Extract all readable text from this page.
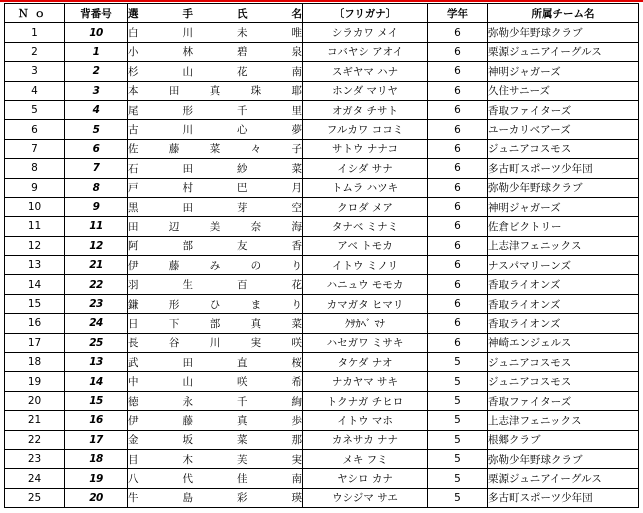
Ｎｏ	背番号	選 手 氏 名	〔フリガナ〕	学年	所属チーム名
1	10	白 川 未 唯	シラカワ メイ	6	弥勒少年野球クラブ
2	1	小 林 碧 泉	コバヤシ アオイ	6	栗源ジュニアイーグルス
3	2	杉 山 花 南	スギヤマ ハナ	6	神明ジャガーズ
4	3	本 田 真 珠 耶	ホンダ マリヤ	6	久住サニーズ
5	4	尾 形 千 里	オガタ チサト	6	香取ファイターズ
6	5	古 川 心 夢	フルカワ ココミ	6	ユーカリベアーズ
7	6	佐 藤 菜 々 子	サトウ ナナコ	6	ジュニアコスモス
8	7	石 田 紗 菜	イシダ サナ	6	多古町スポーツ少年団
9	8	戸 村 巴 月	トムラ ハツキ	6	弥勒少年野球クラブ
10	9	黒 田 芽 空	クロダ メア	6	神明ジャガーズ
11	11	田 辺 美 奈 海	タナベ ミナミ	6	佐倉ビクトリー
12	12	阿 部 友 香	アベ トモカ	6	上志津フェニックス
13	21	伊 藤 み の り	イトウ ミノリ	6	ナスパマリーンズ
14	22	羽 生 百 花	ハニュウ モモカ	6	香取ライオンズ
15	23	鎌 形 ひ ま り	カマガタ ヒマリ	6	香取ライオンズ
16	24	日 下 部 真 菜	ｸｻｶﾍﾞ ﾏﾅ	6	香取ライオンズ
17	25	長 谷 川 実 咲	ハセガワ ミサキ	6	神崎エンジェルス
18	13	武 田 直 桜	タケダ ナオ	5	ジュニアコスモス
19	14	中 山 咲 希	ナカヤマ サキ	5	ジュニアコスモス
20	15	徳 永 千 絢	トクナガ チヒロ	5	香取ファイターズ
21	16	伊 藤 真 歩	イトウ マホ	5	上志津フェニックス
22	17	金 坂 菜 那	カネサカ ナナ	5	根郷クラブ
23	18	目 木 芙 実	メキ フミ	5	弥勒少年野球クラブ
24	19	八 代 佳 南	ヤシロ カナ	5	栗源ジュニアイーグルス
25	20	牛 島 彩 瑛	ウシジマ サエ	5	多古町スポーツ少年団
